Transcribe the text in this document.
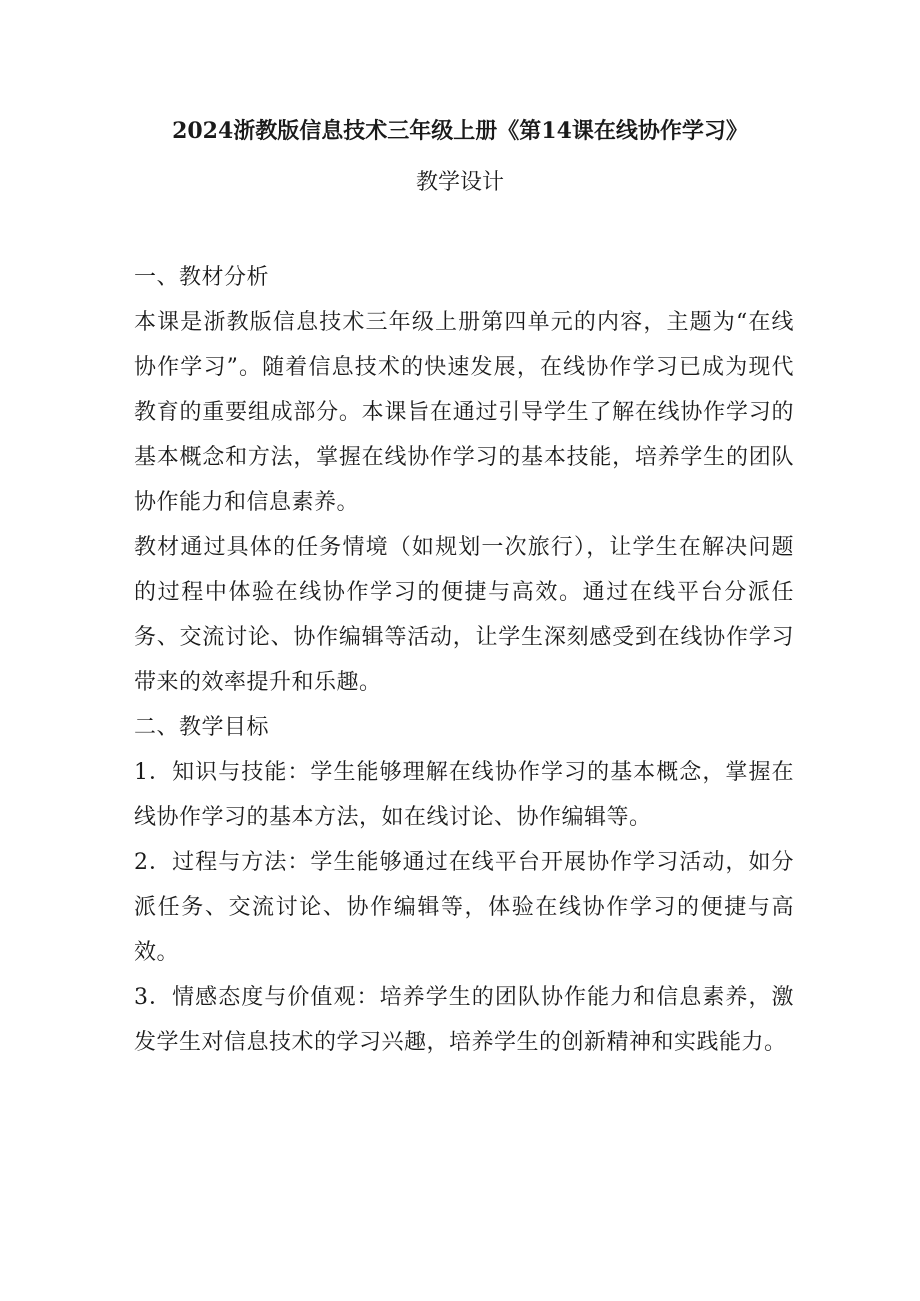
2024浙教版信息技术三年级上册《第14课在线协作学习》
教学设计

一、教材分析

本课是浙教版信息技术三年级上册第四单元的内容，主题为“在线协作学习”。随着信息技术的快速发展，在线协作学习已成为现代教育的重要组成部分。本课旨在通过引导学生了解在线协作学习的基本概念和方法，掌握在线协作学习的基本技能，培养学生的团队协作能力和信息素养。

教材通过具体的任务情境（如规划一次旅行），让学生在解决问题的过程中体验在线协作学习的便捷与高效。通过在线平台分派任务、交流讨论、协作编辑等活动，让学生深刻感受到在线协作学习带来的效率提升和乐趣。

二、教学目标

1．知识与技能：学生能够理解在线协作学习的基本概念，掌握在线协作学习的基本方法，如在线讨论、协作编辑等。

2．过程与方法：学生能够通过在线平台开展协作学习活动，如分派任务、交流讨论、协作编辑等，体验在线协作学习的便捷与高效。

3．情感态度与价值观：培养学生的团队协作能力和信息素养，激发学生对信息技术的学习兴趣，培养学生的创新精神和实践能力。
